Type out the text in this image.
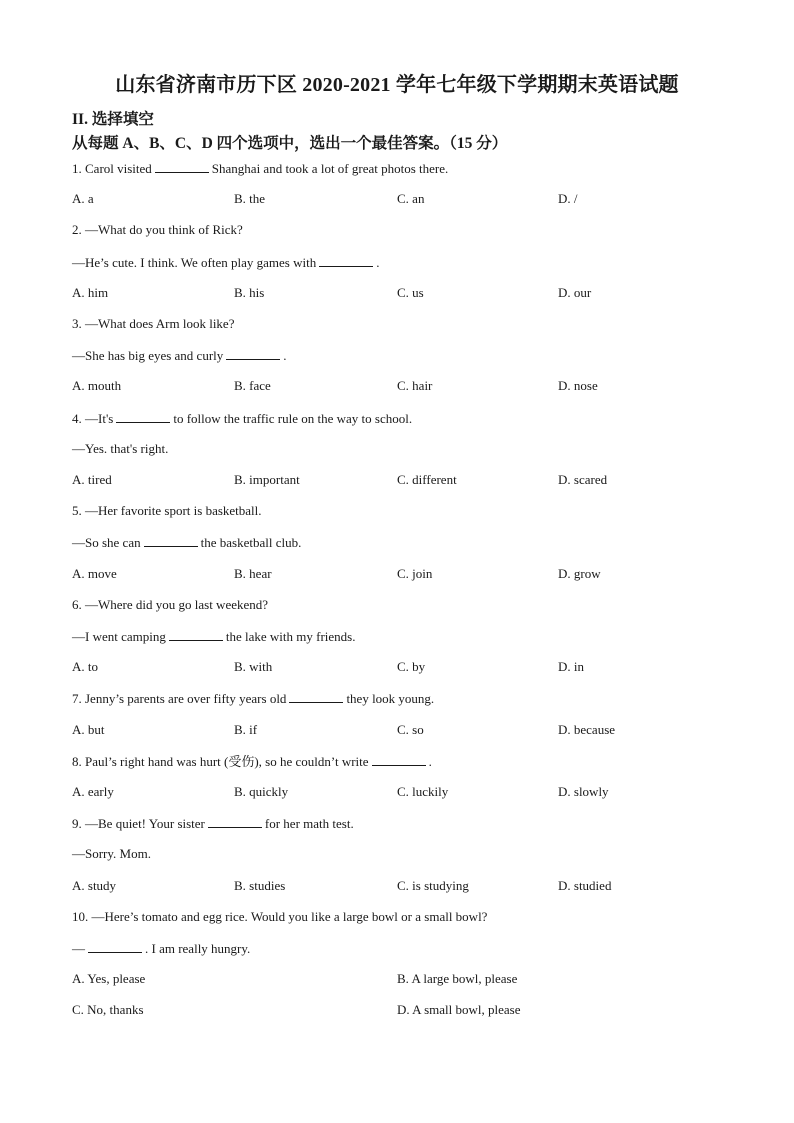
山东省济南市历下区 2020-2021 学年七年级下学期期末英语试题
II. 选择填空
从每题 A、B、C、D 四个选项中，选出一个最佳答案。（15 分）
1. Carol visited	Shanghai and took a lot of great photos there.
A. a	B. the	C. an	D. /
2. —What do you think of Rick?
—He’s cute. I think. We often play games with	.
A. him	B. his	C. us	D. our
3. —What does Arm look like?
—She has big eyes and curly	.
A. mouth	B. face	C. hair	D. nose
4. —It's	to follow the traffic rule on the way to school.
—Yes. that's right.
A. tired	B. important	C. different	D. scared
5. —Her favorite sport is basketball.
—So she can	the basketball club.
A. move	B. hear	C. join	D. grow
6. —Where did you go last weekend?
—I went camping	the lake with my friends.
A. to	B. with	C. by	D. in
7. Jenny’s parents are over fifty years old	they look young.
A. but	B. if	C. so	D. because
8. Paul’s right hand was hurt (受伤), so he couldn’t write	.
A. early	B. quickly	C. luckily	D. slowly
9. —Be quiet! Your sister	for her math test.
—Sorry. Mom.
A. study	B. studies	C. is studying	D. studied
10. —Here’s tomato and egg rice. Would you like a large bowl or a small bowl?
—	. I am really hungry.
A. Yes, please	B. A large bowl, please
C. No, thanks	D. A small bowl, please
